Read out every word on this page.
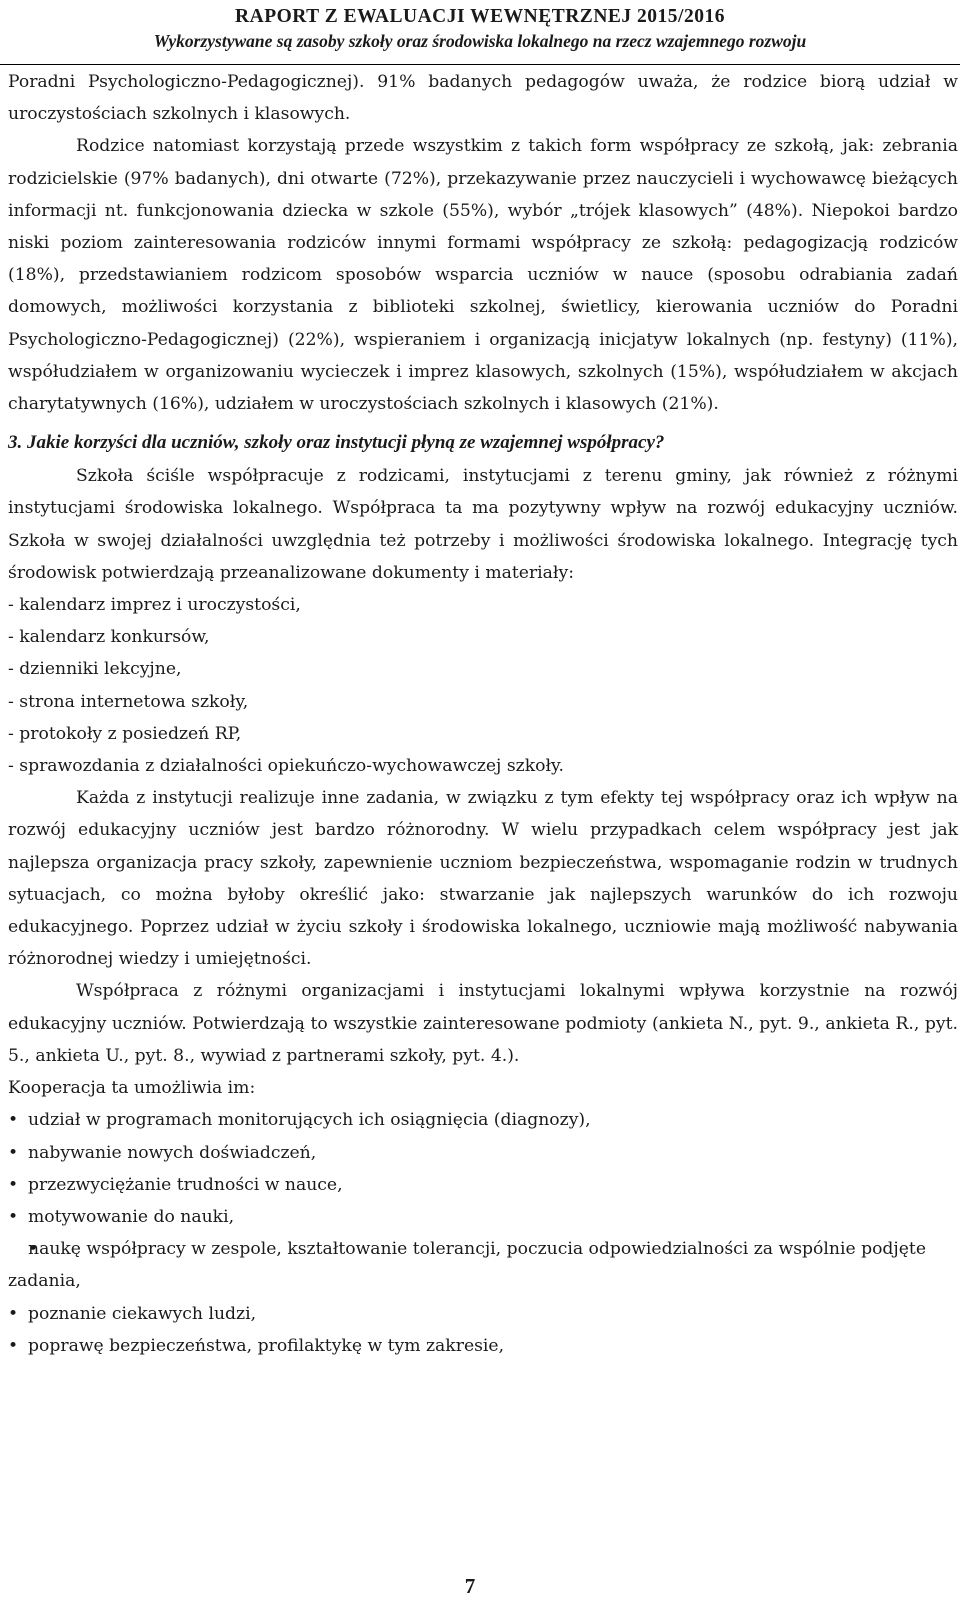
RAPORT Z EWALUACJI WEWNĘTRZNEJ 2015/2016
Wykorzystywane są zasoby szkoły oraz środowiska lokalnego na rzecz wzajemnego rozwoju

Poradni Psychologiczno-Pedagogicznej). 91% badanych pedagogów uważa, że rodzice biorą udział w uroczystościach szkolnych i klasowych.

Rodzice natomiast korzystają przede wszystkim z takich form współpracy ze szkołą, jak: zebrania rodzicielskie (97% badanych), dni otwarte (72%), przekazywanie przez nauczycieli i wychowawcę bieżących informacji nt. funkcjonowania dziecka w szkole (55%), wybór „trójek klasowych” (48%). Niepokoi bardzo niski poziom zainteresowania rodziców innymi formami współpracy ze szkołą: pedagogizacją rodziców (18%), przedstawianiem rodzicom sposobów wsparcia uczniów w nauce (sposobu odrabiania zadań domowych, możliwości korzystania z biblioteki szkolnej, świetlicy, kierowania uczniów do Poradni Psychologiczno-Pedagogicznej) (22%), wspieraniem i organizacją inicjatyw lokalnych (np. festyny) (11%), współudziałem w organizowaniu wycieczek i imprez klasowych, szkolnych (15%), współudziałem w akcjach charytatywnych (16%), udziałem w uroczystościach szkolnych i klasowych (21%).

3. Jakie korzyści dla uczniów, szkoły oraz instytucji płyną ze wzajemnej współpracy?

Szkoła ściśle współpracuje z rodzicami, instytucjami z terenu gminy, jak również z różnymi instytucjami środowiska lokalnego. Współpraca ta ma pozytywny wpływ na rozwój edukacyjny uczniów. Szkoła w swojej działalności uwzględnia też potrzeby i możliwości środowiska lokalnego. Integrację tych środowisk potwierdzają przeanalizowane dokumenty i materiały:

- kalendarz imprez i uroczystości,

- kalendarz konkursów,

- dzienniki lekcyjne,

- strona internetowa szkoły,

- protokoły z posiedzeń RP,

- sprawozdania z działalności opiekuńczo-wychowawczej szkoły.

Każda z instytucji realizuje inne zadania, w związku z tym efekty tej współpracy oraz ich wpływ na rozwój edukacyjny uczniów jest bardzo różnorodny. W wielu przypadkach celem współpracy jest jak najlepsza organizacja pracy szkoły, zapewnienie uczniom bezpieczeństwa, wspomaganie rodzin w trudnych sytuacjach, co można byłoby określić jako: stwarzanie jak najlepszych warunków do ich rozwoju edukacyjnego. Poprzez udział w życiu szkoły i środowiska lokalnego, uczniowie mają możliwość nabywania różnorodnej wiedzy i umiejętności.

Współpraca z różnymi organizacjami i instytucjami lokalnymi wpływa korzystnie na rozwój edukacyjny uczniów. Potwierdzają to wszystkie zainteresowane podmioty (ankieta N., pyt. 9., ankieta R., pyt. 5., ankieta U., pyt. 8., wywiad z partnerami szkoły, pyt. 4.).

Kooperacja ta umożliwia im:

• udział w programach monitorujących ich osiągnięcia (diagnozy),
• nabywanie nowych doświadczeń,
• przezwyciężanie trudności w nauce,
• motywowanie do nauki,
• naukę współpracy w zespole, kształtowanie tolerancji, poczucia odpowiedzialności za wspólnie podjęte zadania,
• poznanie ciekawych ludzi,
• poprawę bezpieczeństwa, profilaktykę w tym zakresie,
7
